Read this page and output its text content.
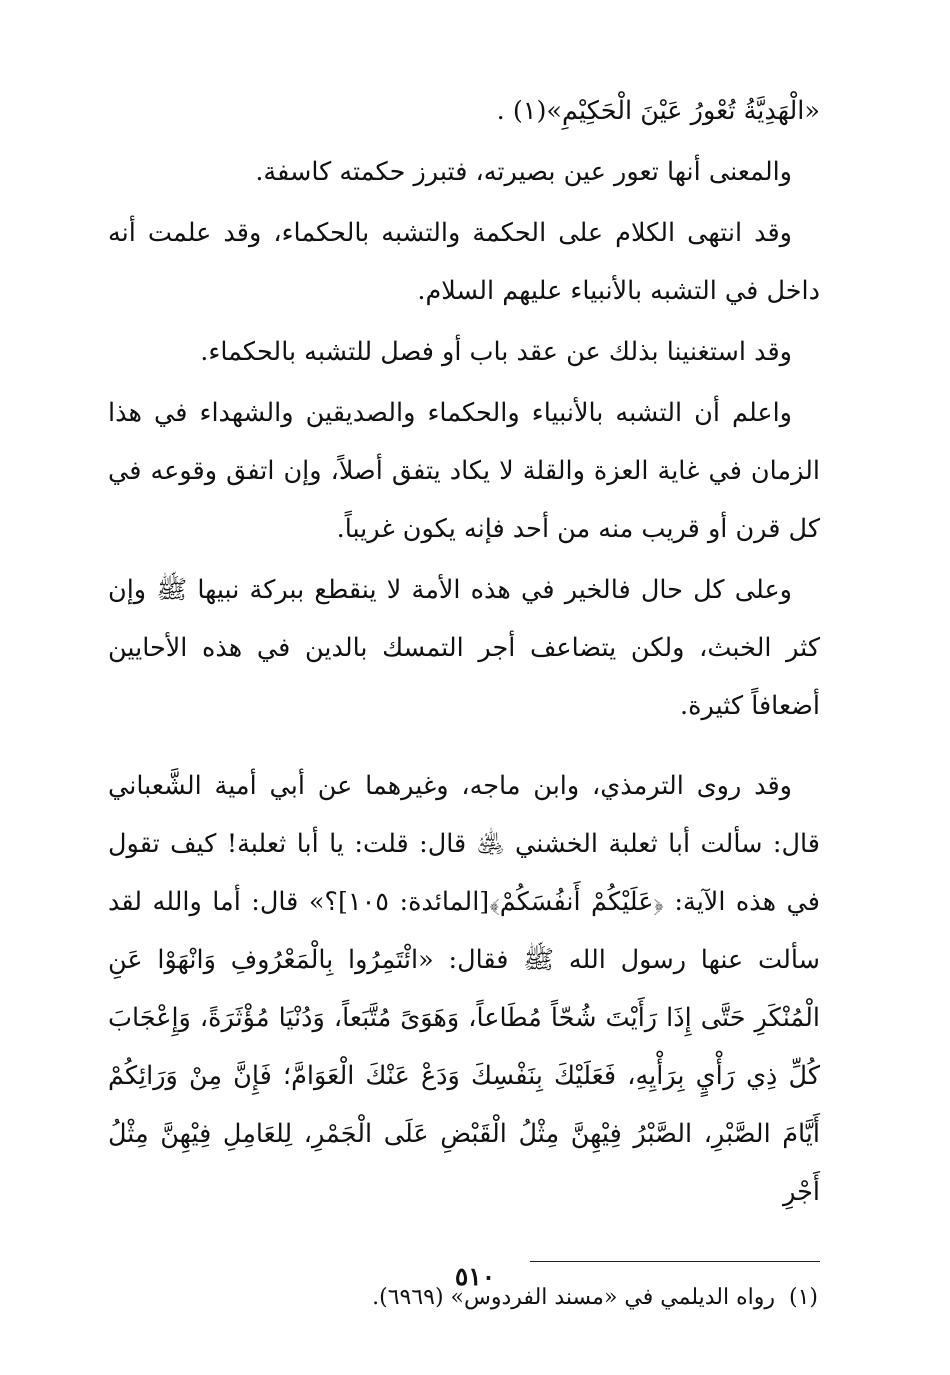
«الْهَدِيَّةُ تُعْورُ عَيْنَ الْحَكِيْمِ»(١) .

والمعنى أنها تعور عين بصيرته، فتبرز حكمته كاسفة.

وقد انتهى الكلام على الحكمة والتشبه بالحكماء، وقد علمت أنه داخل في التشبه بالأنبياء عليهم السلام.

وقد استغنينا بذلك عن عقد باب أو فصل للتشبه بالحكماء.

واعلم أن التشبه بالأنبياء والحكماء والصديقين والشهداء في هذا الزمان في غاية العزة والقلة لا يكاد يتفق أصلاً، وإن اتفق وقوعه في كل قرن أو قريب منه من أحد فإنه يكون غريباً.

وعلى كل حال فالخير في هذه الأمة لا ينقطع ببركة نبيها ﷺ وإن كثر الخبث، ولكن يتضاعف أجر التمسك بالدين في هذه الأحايين أضعافاً كثيرة.

وقد روى الترمذي، وابن ماجه، وغيرهما عن أبي أمية الشَّعباني قال: سألت أبا ثعلبة الخشني ﵁ قال: قلت: يا أبا ثعلبة! كيف تقول في هذه الآية: ﴿عَلَيْكُمْ أَنفُسَكُمْ﴾[المائدة: ١٠٥]؟» قال: أما والله لقد سألت عنها رسول الله ﷺ فقال: «ائْتَمِرُوا بِالْمَعْرُوفِ وَانْهَوْا عَنِ الْمُنْكَرِ حَتَّى إِذَا رَأَيْتَ شُحّاً مُطَاعاً، وَهَوَىً مُتَّبَعاً، وَدُنْيَا مُؤْثَرَةً، وَإِعْجَابَ كُلِّ ذِي رَأْيٍ بِرَأْيِهِ، فَعَلَيْكَ بِنَفْسِكَ وَدَعْ عَنْكَ الْعَوَامَّ؛ فَإِنَّ مِنْ وَرَائِكُمْ أَيَّامَ الصَّبْرِ، الصَّبْرُ فِيْهِنَّ مِثْلُ الْقَبْضِ عَلَى الْجَمْرِ، لِلعَامِلِ فِيْهِنَّ مِثْلُ أَجْرِ

(١)رواه الديلمي في «مسند الفردوس» (٦٩٦٩).
٥١٠
